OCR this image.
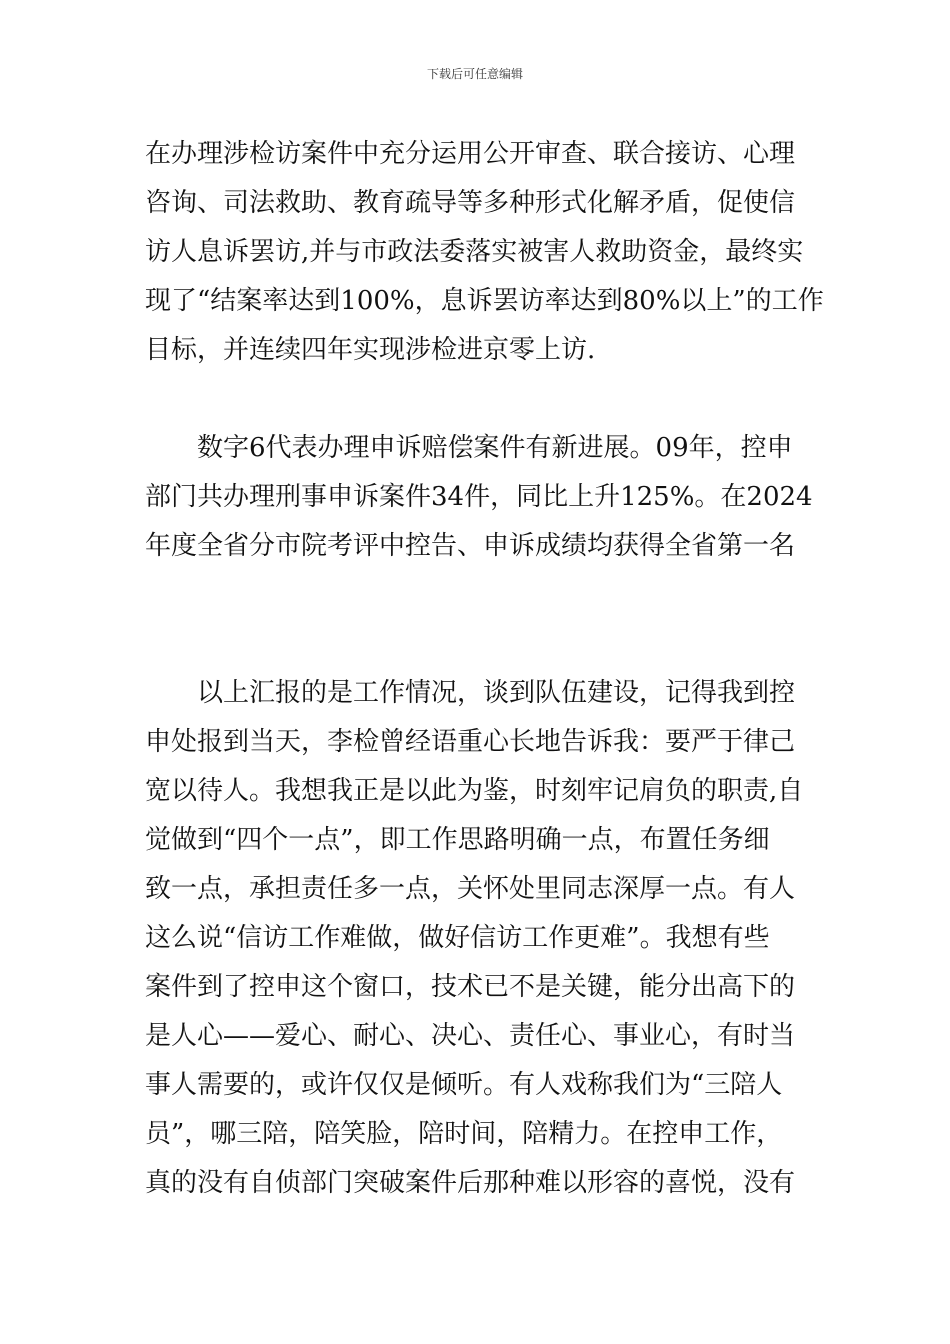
下载后可任意编辑
在办理涉检访案件中充分运用公开审查、联合接访、心理
咨询、司法救助、教育疏导等多种形式化解矛盾，促使信
访人息诉罢访,并与市政法委落实被害人救助资金，最终实
现了“结案率达到100%，息诉罢访率达到80%以上”的工作
目标，并连续四年实现涉检进京零上访.
　　数字6代表办理申诉赔偿案件有新进展。09年，控申
部门共办理刑事申诉案件34件，同比上升125%。在2024
年度全省分市院考评中控告、申诉成绩均获得全省第一名
　　以上汇报的是工作情况，谈到队伍建设，记得我到控
申处报到当天，李检曾经语重心长地告诉我：要严于律己
宽以待人。我想我正是以此为鉴，时刻牢记肩负的职责,自
觉做到“四个一点”，即工作思路明确一点，布置任务细
致一点，承担责任多一点，关怀处里同志深厚一点。有人
这么说“信访工作难做，做好信访工作更难”。我想有些
案件到了控申这个窗口，技术已不是关键，能分出高下的
是人心——爱心、耐心、决心、责任心、事业心，有时当
事人需要的，或许仅仅是倾听。有人戏称我们为“三陪人
员”，哪三陪，陪笑脸，陪时间，陪精力。在控申工作，
真的没有自侦部门突破案件后那种难以形容的喜悦，没有
